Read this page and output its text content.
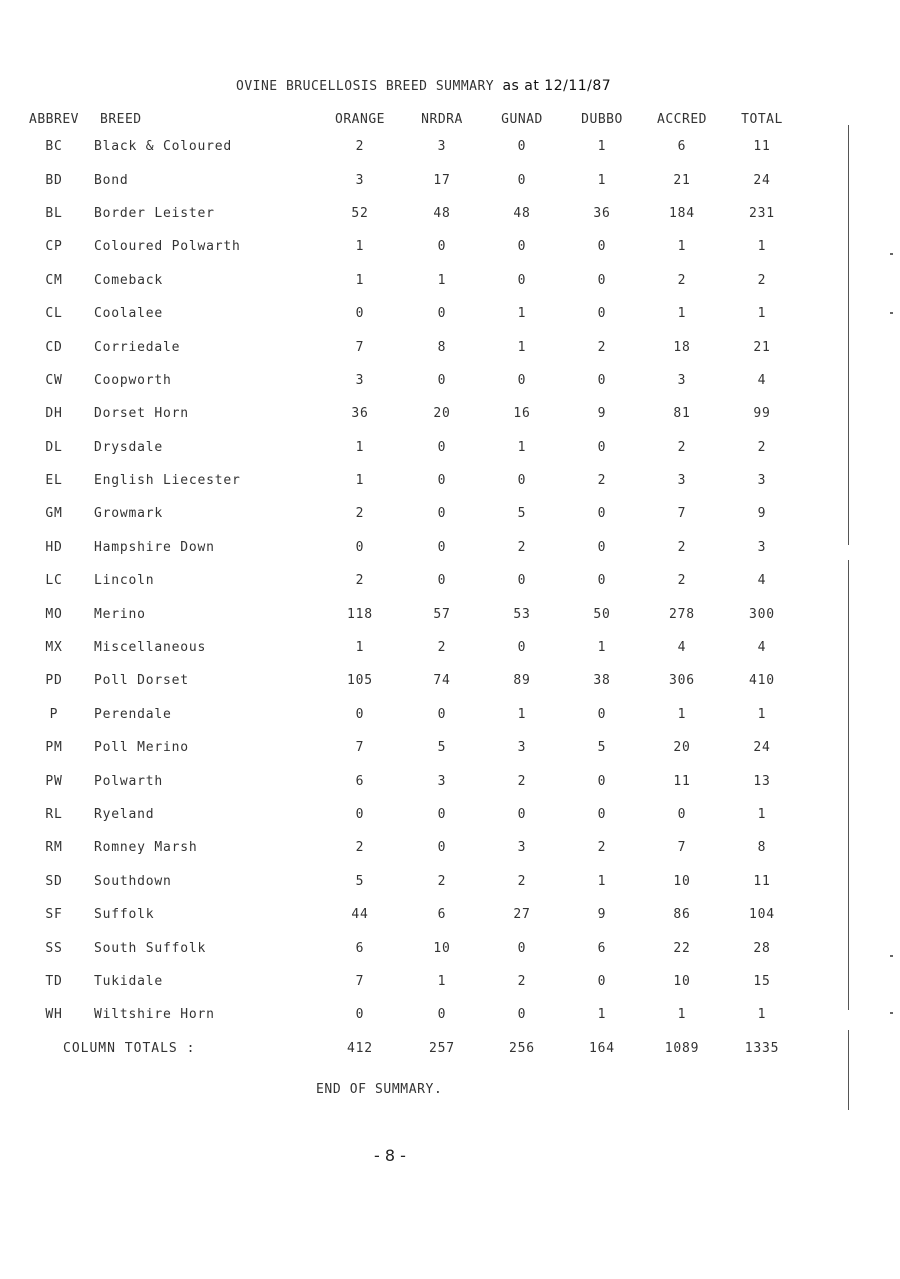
OVINE BRUCELLOSIS BREED SUMMARY as at 12/11/87
ABBREV	BREED	ORANGE	NRDRA	GUNAD	DUBBO	ACCRED	TOTAL
BC	Black & Coloured	2	3	0	1	6	11
BD	Bond	3	17	0	1	21	24
BL	Border Leister	52	48	48	36	184	231
CP	Coloured Polwarth	1	0	0	0	1	1
CM	Comeback	1	1	0	0	2	2
CL	Coolalee	0	0	1	0	1	1
CD	Corriedale	7	8	1	2	18	21
CW	Coopworth	3	0	0	0	3	4
DH	Dorset Horn	36	20	16	9	81	99
DL	Drysdale	1	0	1	0	2	2
EL	English Liecester	1	0	0	2	3	3
GM	Growmark	2	0	5	0	7	9
HD	Hampshire Down	0	0	2	0	2	3
LC	Lincoln	2	0	0	0	2	4
MO	Merino	118	57	53	50	278	300
MX	Miscellaneous	1	2	0	1	4	4
PD	Poll Dorset	105	74	89	38	306	410
P	Perendale	0	0	1	0	1	1
PM	Poll Merino	7	5	3	5	20	24
PW	Polwarth	6	3	2	0	11	13
RL	Ryeland	0	0	0	0	0	1
RM	Romney Marsh	2	0	3	2	7	8
SD	Southdown	5	2	2	1	10	11
SF	Suffolk	44	6	27	9	86	104
SS	South Suffolk	6	10	0	6	22	28
TD	Tukidale	7	1	2	0	10	15
WH	Wiltshire Horn	0	0	0	1	1	1
COLUMN TOTALS :		412	257	256	164	1089	1335
END OF SUMMARY.
- 8 -
